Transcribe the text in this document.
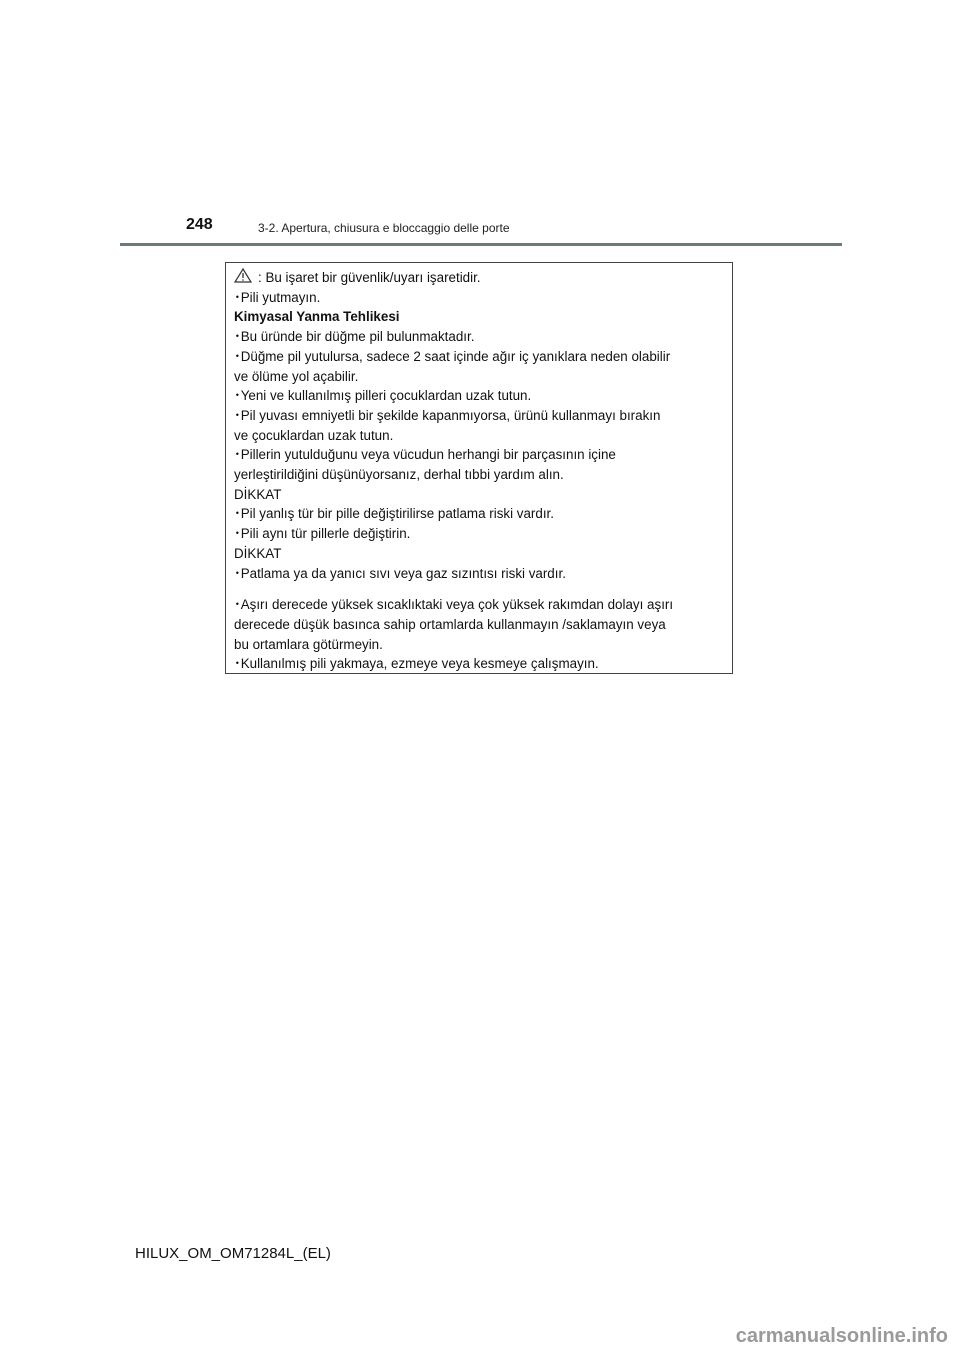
248	3-2. Apertura, chiusura e bloccaggio delle porte
: Bu işaret bir güvenlik/uyarı işaretidir.
･Pili yutmayın.
Kimyasal Yanma Tehlikesi
･Bu üründe bir düğme pil bulunmaktadır.
･Düğme pil yutulursa, sadece 2 saat içinde ağır iç yanıklara neden olabilir
ve ölüme yol açabilir.
･Yeni ve kullanılmış pilleri çocuklardan uzak tutun.
･Pil yuvası emniyetli bir şekilde kapanmıyorsa, ürünü kullanmayı bırakın
ve çocuklardan uzak tutun.
･Pillerin yutulduğunu veya vücudun herhangi bir parçasının içine
yerleştirildiğini düşünüyorsanız, derhal tıbbi yardım alın.
DİKKAT
･Pil yanlış tür bir pille değiştirilirse patlama riski vardır.
･Pili aynı tür pillerle değiştirin.
DİKKAT
･Patlama ya da yanıcı sıvı veya gaz sızıntısı riski vardır.
･Aşırı derecede yüksek sıcaklıktaki veya çok yüksek rakımdan dolayı aşırı
derecede düşük basınca sahip ortamlarda kullanmayın /saklamayın veya
bu ortamlara götürmeyin.
･Kullanılmış pili yakmaya, ezmeye veya kesmeye çalışmayın.
HILUX_OM_OM71284L_(EL)
carmanualsonline.info
